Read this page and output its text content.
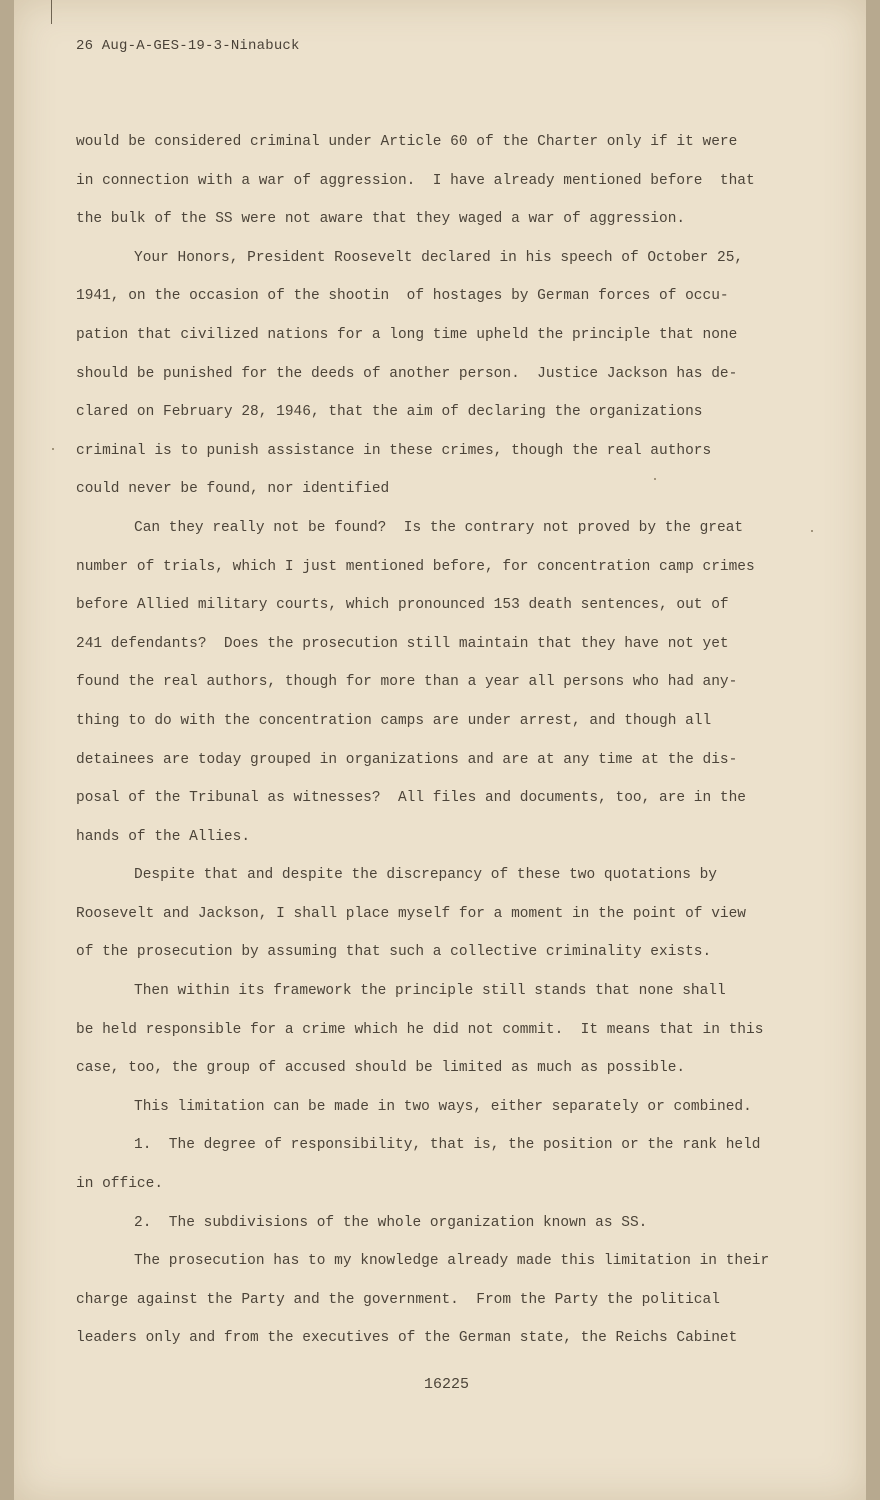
26 Aug-A-GES-19-3-Ninabuck
would be considered criminal under Article 60 of the Charter only if it were
in connection with a war of aggression.  I have already mentioned before  that
the bulk of the SS were not aware that they waged a war of aggression.
Your Honors, President Roosevelt declared in his speech of October 25,
1941, on the occasion of the shootin  of hostages by German forces of occu-
pation that civilized nations for a long time upheld the principle that none
should be punished for the deeds of another person.  Justice Jackson has de-
clared on February 28, 1946, that the aim of declaring the organizations
criminal is to punish assistance in these crimes, though the real authors
could never be found, nor identified
Can they really not be found?  Is the contrary not proved by the great
number of trials, which I just mentioned before, for concentration camp crimes
before Allied military courts, which pronounced 153 death sentences, out of
241 defendants?  Does the prosecution still maintain that they have not yet
found the real authors, though for more than a year all persons who had any-
thing to do with the concentration camps are under arrest, and though all
detainees are today grouped in organizations and are at any time at the dis-
posal of the Tribunal as witnesses?  All files and documents, too, are in the
hands of the Allies.
Despite that and despite the discrepancy of these two quotations by
Roosevelt and Jackson, I shall place myself for a moment in the point of view
of the prosecution by assuming that such a collective criminality exists.
Then within its framework the principle still stands that none shall
be held responsible for a crime which he did not commit.  It means that in this
case, too, the group of accused should be limited as much as possible.
This limitation can be made in two ways, either separately or combined.
1.  The degree of responsibility, that is, the position or the rank held
in office.
2.  The subdivisions of the whole organization known as SS.
The prosecution has to my knowledge already made this limitation in their
charge against the Party and the government.  From the Party the political
leaders only and from the executives of the German state, the Reichs Cabinet
16225
